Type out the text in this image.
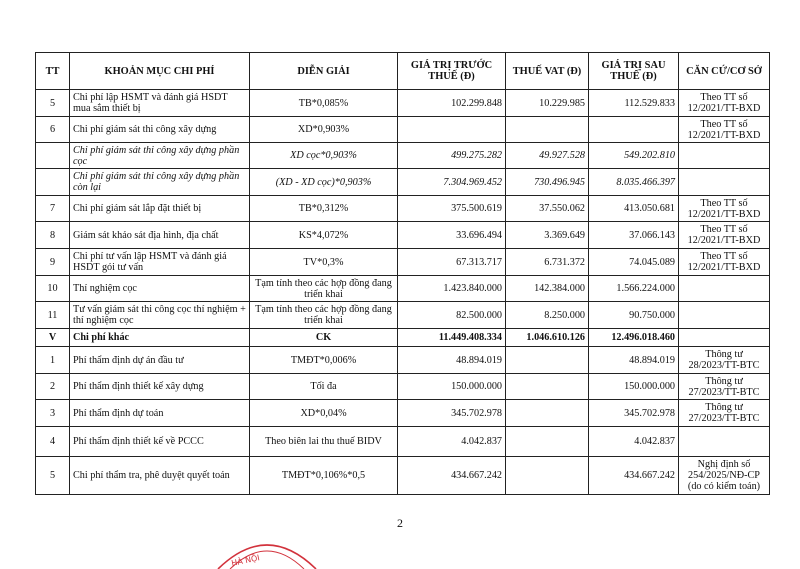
TT	KHOẢN MỤC CHI PHÍ	DIỄN GIẢI	GIÁ TRỊ TRƯỚC THUẾ (Đ)	THUẾ VAT (Đ)	GIÁ TRỊ SAU THUẾ (Đ)	CĂN CỨ/CƠ SỞ
5	Chi phí lập HSMT và đánh giá HSDT mua sắm thiết bị	TB*0,085%	102.299.848	10.229.985	112.529.833	Theo TT số 12/2021/TT-BXD
6	Chi phí giám sát thi công xây dựng	XD*0,903%				Theo TT số 12/2021/TT-BXD
	Chi phí giám sát thi công xây dựng phần cọc	XD cọc*0,903%	499.275.282	49.927.528	549.202.810	
	Chi phí giám sát thi công xây dựng phần còn lại	(XD - XD cọc)*0,903%	7.304.969.452	730.496.945	8.035.466.397	
7	Chi phí giám sát lắp đặt thiết bị	TB*0,312%	375.500.619	37.550.062	413.050.681	Theo TT số 12/2021/TT-BXD
8	Giám sát khảo sát địa hình, địa chất	KS*4,072%	33.696.494	3.369.649	37.066.143	Theo TT số 12/2021/TT-BXD
9	Chi phí tư vấn lập HSMT và đánh giá HSDT gói tư vấn	TV*0,3%	67.313.717	6.731.372	74.045.089	Theo TT số 12/2021/TT-BXD
10	Thí nghiệm cọc	Tạm tính theo các hợp đồng đang triển khai	1.423.840.000	142.384.000	1.566.224.000	
11	Tư vấn giám sát thi công cọc thí nghiệm + thí nghiệm cọc	Tạm tính theo các hợp đồng đang triển khai	82.500.000	8.250.000	90.750.000	
V	Chi phí khác	CK	11.449.408.334	1.046.610.126	12.496.018.460	
1	Phí thẩm định dự án đầu tư	TMĐT*0,006%	48.894.019		48.894.019	Thông tư 28/2023/TT-BTC
2	Phí thẩm định thiết kế xây dựng	Tối đa	150.000.000		150.000.000	Thông tư 27/2023/TT-BTC
3	Phí thẩm định dự toán	XD*0,04%	345.702.978		345.702.978	Thông tư 27/2023/TT-BTC
4	Phí thẩm định thiết kế về PCCC	Theo biên lai thu thuế BIDV	4.042.837		4.042.837	
5	Chi phí thẩm tra, phê duyệt quyết toán	TMĐT*0,106%*0,5	434.667.242		434.667.242	Nghị định số 254/2025/NĐ-CP (do có kiểm toán)
2
HÀ NỘI
